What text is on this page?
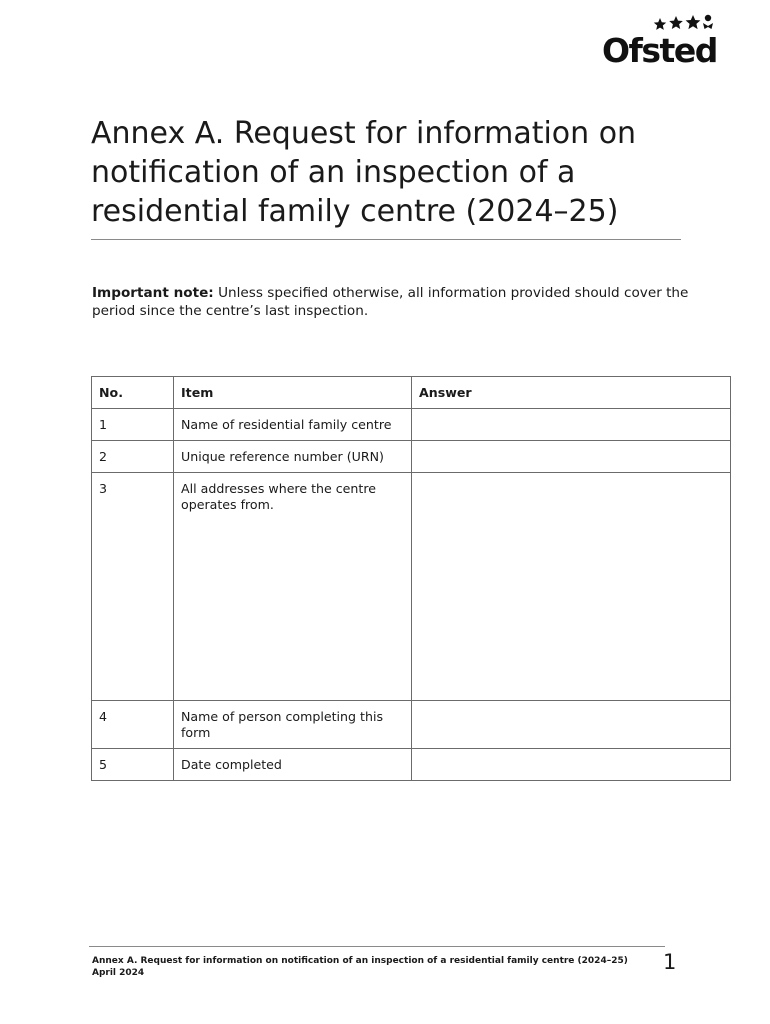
Ofsted
Annex A. Request for information on notification of an inspection of a residential family centre (2024–25)

Important note: Unless specified otherwise, all information provided should cover the period since the centre’s last inspection.

No.	Item	Answer
1	Name of residential family centre	
2	Unique reference number (URN)	
3	All addresses where the centre operates from.	
4	Name of person completing this form	
5	Date completed	
Annex A. Request for information on notification of an inspection of a residential family centre (2024–25)
April 2024	1
